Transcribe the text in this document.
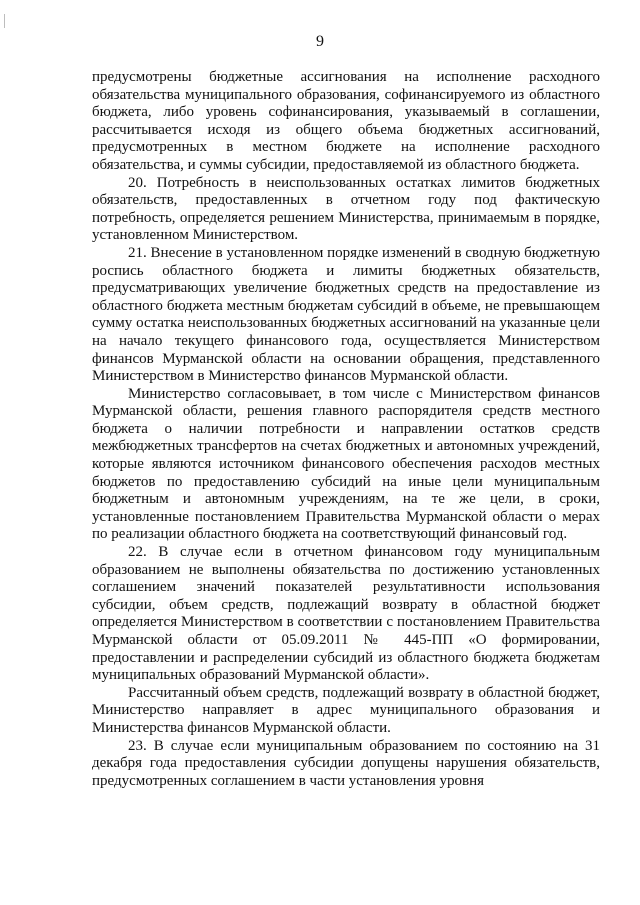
9

предусмотрены бюджетные ассигнования на исполнение расходного обязательства муниципального образования, софинансируемого из областного бюджета, либо уровень софинансирования, указываемый в соглашении, рассчитывается исходя из общего объема бюджетных ассигнований, предусмотренных в местном бюджете на исполнение расходного обязательства, и суммы субсидии, предоставляемой из областного бюджета.

20. Потребность в неиспользованных остатках лимитов бюджетных обязательств, предоставленных в отчетном году под фактическую потребность, определяется решением Министерства, принимаемым в порядке, установленном Министерством.

21. Внесение в установленном порядке изменений в сводную бюджетную роспись областного бюджета и лимиты бюджетных обязательств, предусматривающих увеличение бюджетных средств на предоставление из областного бюджета местным бюджетам субсидий в объеме, не превышающем сумму остатка неиспользованных бюджетных ассигнований на указанные цели на начало текущего финансового года, осуществляется Министерством финансов Мурманской области на основании обращения, представленного Министерством в Министерство финансов Мурманской области.

Министерство согласовывает, в том числе с Министерством финансов Мурманской области, решения главного распорядителя средств местного бюджета о наличии потребности и направлении остатков средств межбюджетных трансфертов на счетах бюджетных и автономных учреждений, которые являются источником финансового обеспечения расходов местных бюджетов по предоставлению субсидий на иные цели муниципальным бюджетным и автономным учреждениям, на те же цели, в сроки, установленные постановлением Правительства Мурманской области о мерах по реализации областного бюджета на соответствующий финансовый год.

22. В случае если в отчетном финансовом году муниципальным образованием не выполнены обязательства по достижению установленных соглашением значений показателей результативности использования субсидии, объем средств, подлежащий возврату в областной бюджет определяется Министерством в соответствии с постановлением Правительства Мурманской области от 05.09.2011 № 445-ПП «О формировании, предоставлении и распределении субсидий из областного бюджета бюджетам муниципальных образований Мурманской области».

Рассчитанный объем средств, подлежащий возврату в областной бюджет, Министерство направляет в адрес муниципального образования и Министерства финансов Мурманской области.

23. В случае если муниципальным образованием по состоянию на 31 декабря года предоставления субсидии допущены нарушения обязательств, предусмотренных соглашением в части установления уровня
